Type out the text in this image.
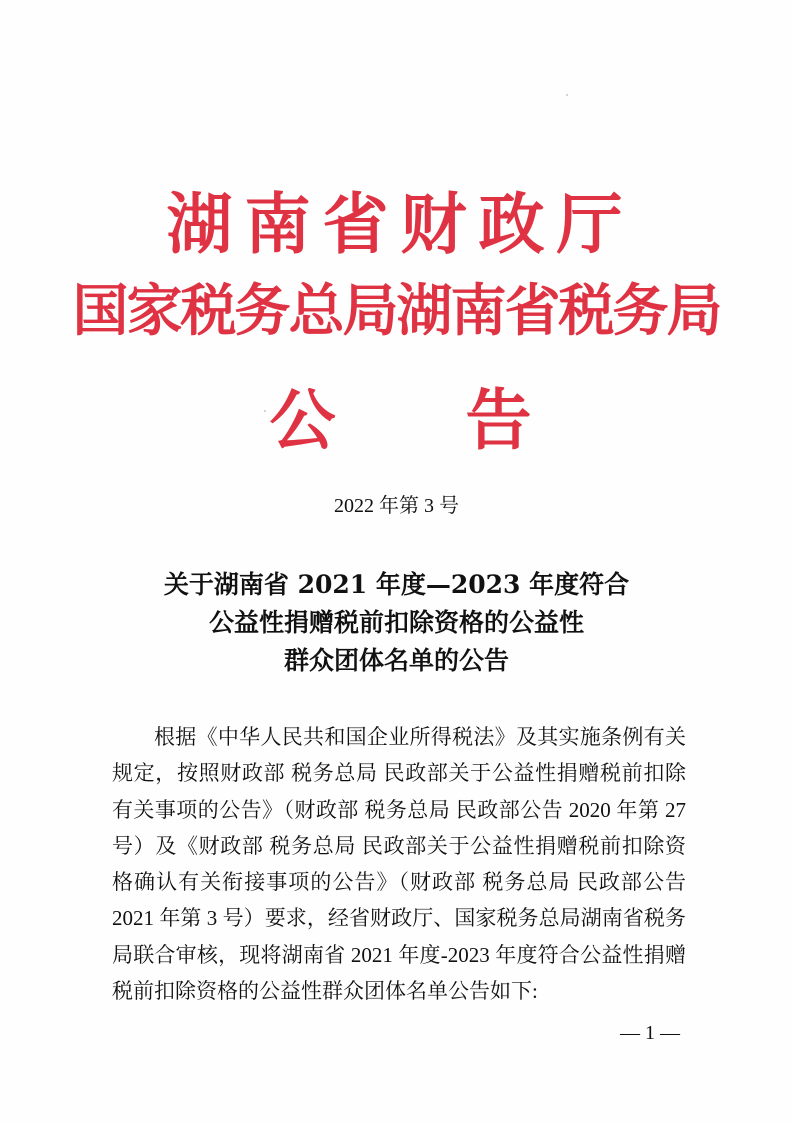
湖南省财政厅
国家税务总局湖南省税务局
公 告
2022 年第 3 号
关于湖南省 2021 年度—2023 年度符合
公益性捐赠税前扣除资格的公益性
群众团体名单的公告
根据《中华人民共和国企业所得税法》及其实施条例有关
规定，按照财政部 税务总局 民政部关于公益性捐赠税前扣除
有关事项的公告》（财政部 税务总局 民政部公告 2020 年第 27
号）及《财政部 税务总局 民政部关于公益性捐赠税前扣除资
格确认有关衔接事项的公告》（财政部 税务总局 民政部公告
2021 年第 3 号）要求，经省财政厅、国家税务总局湖南省税务
局联合审核，现将湖南省 2021 年度-2023 年度符合公益性捐赠
税前扣除资格的公益性群众团体名单公告如下:
— 1 —
